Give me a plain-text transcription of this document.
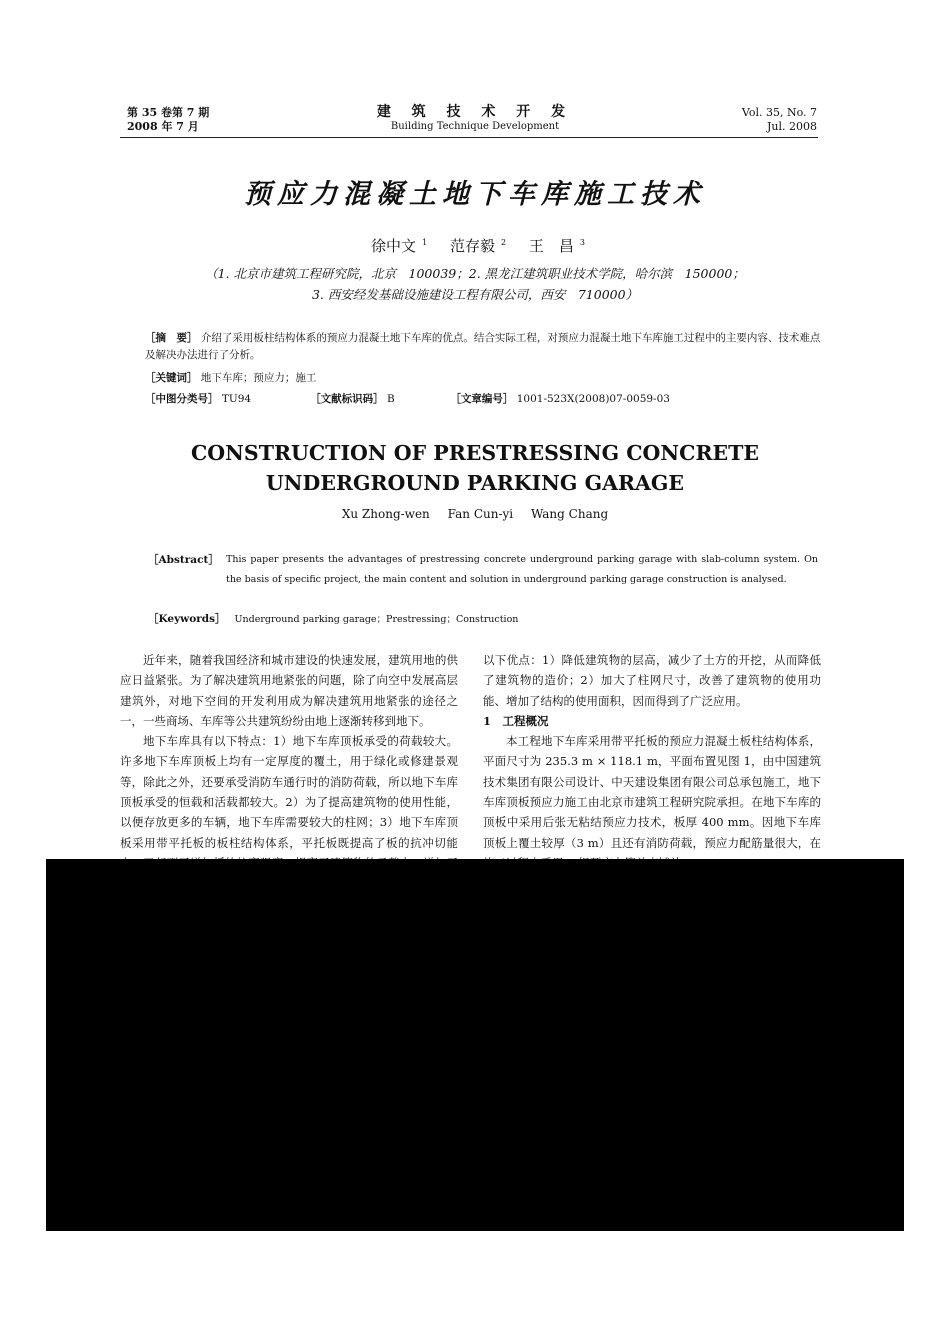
第 35 卷第 7 期
2008 年 7 月
建 筑 技 术 开 发
Building Technique Development
Vol. 35, No. 7
Jul. 2008
预应力混凝土地下车库施工技术
徐中文 $^1$ 范存毅 $^2$ 王　昌 $^3$
（1. 北京市建筑工程研究院，北京　100039；2. 黑龙江建筑职业技术学院，哈尔滨　150000；
3. 西安经发基础设施建设工程有限公司，西安　710000）
［摘　要］ 介绍了采用板柱结构体系的预应力混凝土地下车库的优点。结合实际工程，对预应力混凝土地下车库施工过程中的主要内容、技术难点及解决办法进行了分析。
［关键词］ 地下车库；预应力；施工
［中图分类号］ TU94	［文献标识码］ B	［文章编号］ 1001-523X(2008)07-0059-03
CONSTRUCTION OF PRESTRESSING CONCRETE
UNDERGROUND PARKING GARAGE
Xu Zhong-wen Fan Cun-yi Wang Chang
［Abstract］ This paper presents the advantages of prestressing concrete underground parking garage with slab-column system. On the basis of specific project, the main content and solution in underground parking garage construction is analysed.
［Keywords］ Underground parking garage；Prestressing；Construction

近年来，随着我国经济和城市建设的快速发展，建筑用地的供应日益紧张。为了解决建筑用地紧张的问题，除了向空中发展高层建筑外，对地下空间的开发利用成为解决建筑用地紧张的途径之一，一些商场、车库等公共建筑纷纷由地上逐渐转移到地下。

地下车库具有以下特点：1）地下车库顶板承受的荷载较大。许多地下车库顶板上均有一定厚度的覆土，用于绿化或修建景观等，除此之外，还要承受消防车通行时的消防荷载，所以地下车库顶板承受的恒载和活载都较大。2）为了提高建筑物的使用性能，以便存放更多的车辆，地下车库需要较大的柱网；3）地下车库顶板采用带平托板的板柱结构体系，平托板既提高了板的抗冲切能

以下优点：1）降低建筑物的层高，减少了土方的开挖，从而降低了建筑物的造价；2）加大了柱网尺寸，改善了建筑物的使用功能、增加了结构的使用面积，因而得到了广泛应用。

1　工程概况

本工程地下车库采用带平托板的预应力混凝土板柱结构体系，平面尺寸为 235.3 m × 118.1 m，平面布置见图 1，由中国建筑技术集团有限公司设计、中天建设集团有限公司总承包施工，地下车库顶板预应力施工由北京市建筑工程研究院承担。在地下车库的顶板中采用后张无粘结预应力技术，板厚 400 mm。因地下车库顶板上覆土较厚（3 m）且还有消防荷载，预应力配筋量很大，在
